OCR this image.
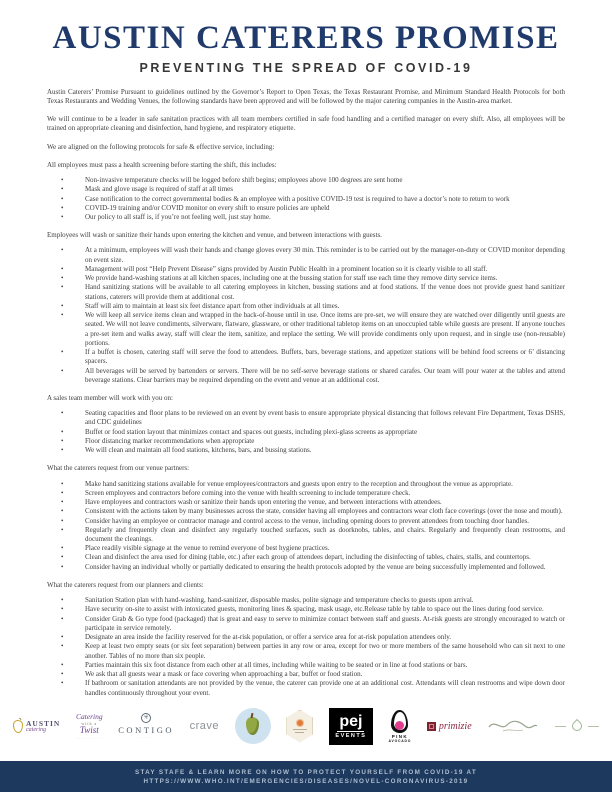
AUSTIN CATERERS PROMISE
PREVENTING THE SPREAD OF COVID-19

Austin Caterers’ Promise Pursuant to guidelines outlined by the Governor’s Report to Open Texas, the Texas Restaurant Promise, and Minimum Standard Health Protocols for both Texas Restaurants and Wedding Venues, the following standards have been approved and will be followed by the major catering companies in the Austin-area market.

We will continue to be a leader in safe sanitation practices with all team members certified in safe food handling and a certified manager on every shift. Also, all employees will be trained on appropriate cleaning and disinfection, hand hygiene, and respiratory etiquette.

We are aligned on the following protocols for safe & effective service, including:

All employees must pass a health screening before starting the shift, this includes:

• Non-invasive temperature checks will be logged before shift begins; employees above 100 degrees are sent home
• Mask and glove usage is required of staff at all times
• Case notification to the correct governmental bodies & an employee with a positive COVID-19 test is required to have a doctor’s note to return to work
• COVID-19 training and/or COVID monitor on every shift to ensure policies are upheld
• Our policy to all staff is, if you’re not feeling well, just stay home.

Employees will wash or sanitize their hands upon entering the kitchen and venue, and between interactions with guests.

• At a minimum, employees will wash their hands and change gloves every 30 min. This reminder is to be carried out by the manager-on-duty or COVID monitor depending on event size.
• Management will post “Help Prevent Disease” signs provided by Austin Public Health in a prominent location so it is clearly visible to all staff.
• We provide hand-washing stations at all kitchen spaces, including one at the bussing station for staff use each time they remove dirty service items.
• Hand sanitizing stations will be available to all catering employees in kitchen, bussing stations and at food stations. If the venue does not provide guest hand sanitizer stations, caterers will provide them at additional cost.
• Staff will aim to maintain at least six feet distance apart from other individuals at all times.
• We will keep all service items clean and wrapped in the back-of-house until in use. Once items are pre-set, we will ensure they are watched over diligently until guests are seated. We will not leave condiments, silverware, flatware, glassware, or other traditional tabletop items on an unoccupied table while guests are present. If anyone touches a pre-set item and walks away, staff will clear the item, sanitize, and replace the setting. We will provide condiments only upon request, and in single use (non-reusable) portions.
• If a buffet is chosen, catering staff will serve the food to attendees. Buffets, bars, beverage stations, and appetizer stations will be behind food screens or 6’ distancing spacers.
• All beverages will be served by bartenders or servers. There will be no self-serve beverage stations or shared carafes. Our team will pour water at the tables and attend beverage stations. Clear barriers may be required depending on the event and venue at an additional cost.

A sales team member will work with you on:

• Seating capacities and floor plans to be reviewed on an event by event basis to ensure appropriate physical distancing that follows relevant Fire Department, Texas DSHS, and CDC guidelines
• Buffet or food station layout that minimizes contact and spaces out guests, including plexi-glass screens as appropriate
• Floor distancing marker recommendations when appropriate
• We will clean and maintain all food stations, kitchens, bars, and bussing stations.

What the caterers request from our venue partners:

• Make hand sanitizing stations available for venue employees/contractors and guests upon entry to the reception and throughout the venue as appropriate.
• Screen employees and contractors before coming into the venue with health screening to include temperature check.
• Have employees and contractors wash or sanitize their hands upon entering the venue, and between interactions with attendees.
• Consistent with the actions taken by many businesses across the state, consider having all employees and contractors wear cloth face coverings (over the nose and mouth).
• Consider having an employee or contractor manage and control access to the venue, including opening doors to prevent attendees from touching door handles.
• Regularly and frequently clean and disinfect any regularly touched surfaces, such as doorknobs, tables, and chairs. Regularly and frequently clean restrooms, and document the cleanings.
• Place readily visible signage at the venue to remind everyone of best hygiene practices.
• Clean and disinfect the area used for dining (table, etc.) after each group of attendees depart, including the disinfecting of tables, chairs, stalls, and countertops.
• Consider having an individual wholly or partially dedicated to ensuring the health protocols adopted by the venue are being successfully implemented and followed.

What the caterers request from our planners and clients:

• Sanitation Station plan with hand-washing, hand-sanitizer, disposable masks, polite signage and temperature checks to guests upon arrival.
• Have security on-site to assist with intoxicated guests, monitoring lines & spacing, mask usage, etc.Release table by table to space out the lines during food service.
• Consider Grab & Go type food (packaged) that is great and easy to serve to minimize contact between staff and guests. At-risk guests are strongly encouraged to watch or participate in service remotely.
• Designate an area inside the facility reserved for the at-risk population, or offer a service area for at-risk population attendees only.
• Keep at least two empty seats (or six feet separation) between parties in any row or area, except for two or more members of the same household who can sit next to one another. Tables of no more than six people.
• Parties maintain this six foot distance from each other at all times, including while waiting to be seated or in line at food stations or bars.
• We ask that all guests wear a mask or face covering when approaching a bar, buffet or food station.
• If bathroom or sanitation attendants are not provided by the venue, the caterer can provide one at an additional cost. Attendants will clean restrooms and wipe down door handles continuously throughout your event.
AUSTIN
catering
Catering
with a
Twist
··········
✳
CONTIGO
·····
crave	pej
EVENTS	PINK
AVOCADO
primizie
STAY STAFE & LEARN MORE ON HOW TO PROTECT YOURSELF FROM COVID-19 AT
HTTPS://WWW.WHO.INT/EMERGENCIES/DISEASES/NOVEL-CORONAVIRUS-2019
